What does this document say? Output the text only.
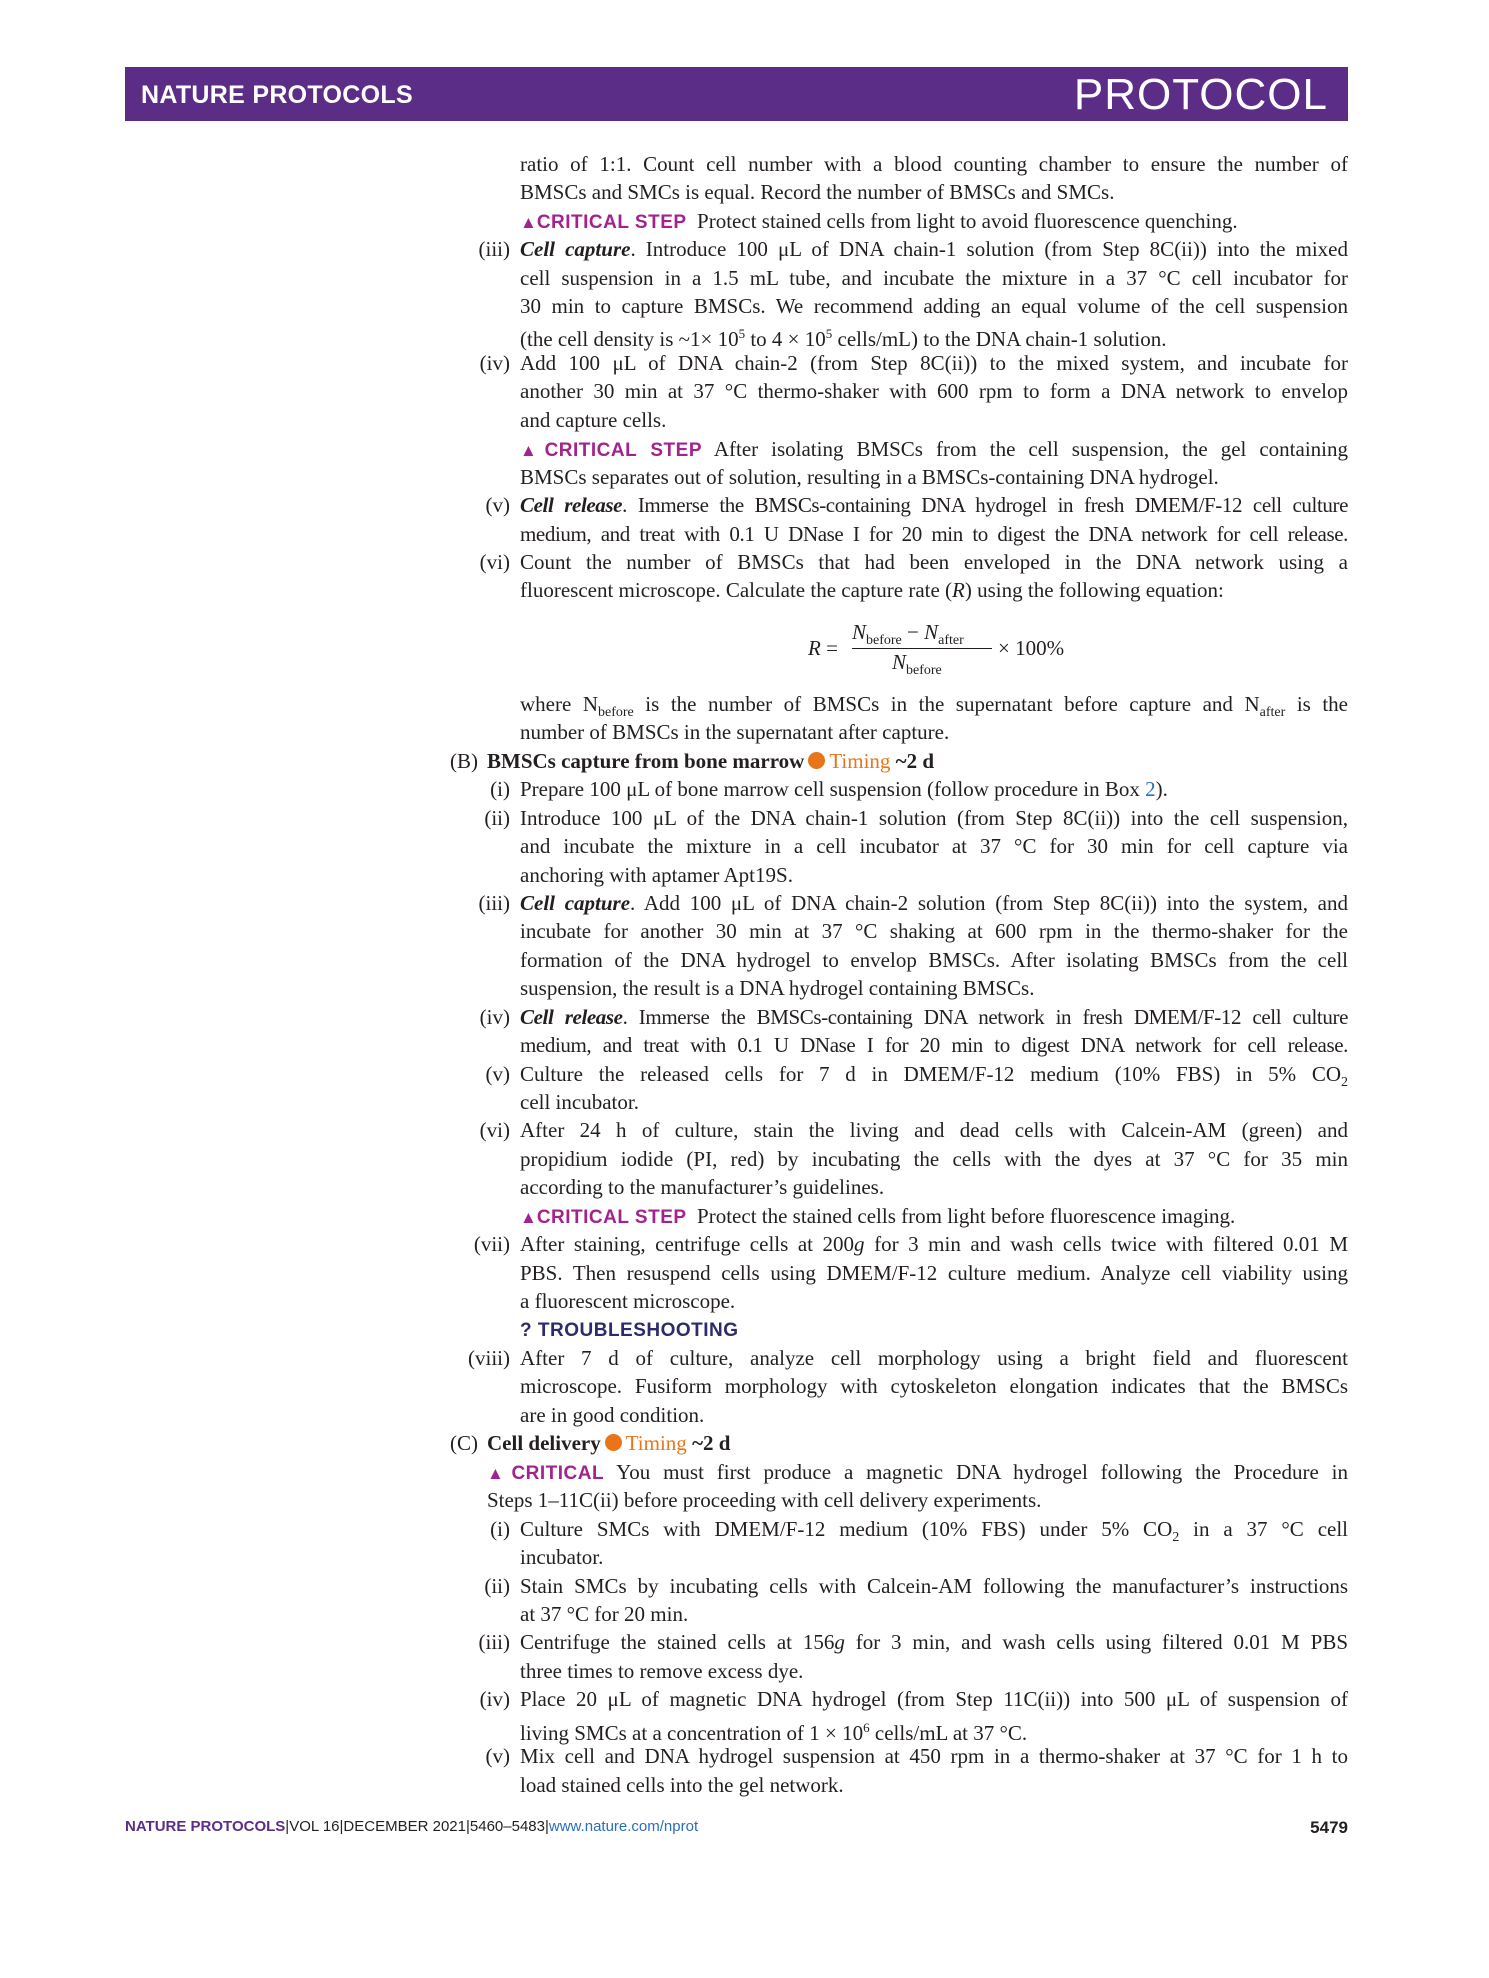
NATURE PROTOCOLS	PROTOCOL
ratio of 1:1. Count cell number with a blood counting chamber to ensure the number of
BMSCs and SMCs is equal. Record the number of BMSCs and SMCs.
▲CRITICAL STEP Protect stained cells from light to avoid fluorescence quenching.
(iii) Cell capture. Introduce 100 μL of DNA chain-1 solution (from Step 8C(ii)) into the mixed
cell suspension in a 1.5 mL tube, and incubate the mixture in a 37 °C cell incubator for
30 min to capture BMSCs. We recommend adding an equal volume of the cell suspension
(the cell density is ~1× $10^5$ to $4 \times 10^5$ cells/mL) to the DNA chain-1 solution.
(iv) Add 100 μL of DNA chain-2 (from Step 8C(ii)) to the mixed system, and incubate for
another 30 min at 37 °C thermo-shaker with 600 rpm to form a DNA network to envelop
and capture cells.
▲CRITICAL STEP After isolating BMSCs from the cell suspension, the gel containing
BMSCs separates out of solution, resulting in a BMSCs-containing DNA hydrogel.
(v) Cell release. Immerse the BMSCs-containing DNA hydrogel in fresh DMEM/F-12 cell culture
medium, and treat with 0.1 U DNase I for 20 min to digest the DNA network for cell release.
(vi) Count the number of BMSCs that had been enveloped in the DNA network using a
fluorescent microscope. Calculate the capture rate (R) using the following equation:
R =
$N_{before} - N_{after}$
$N_{before}$
× 100%
where $N_{before}$ is the number of BMSCs in the supernatant before capture and $N_{after}$ is the
number of BMSCs in the supernatant after capture.
(B) BMSCs capture from bone marrow Timing ~2 d
(i) Prepare 100 μL of bone marrow cell suspension (follow procedure in Box 2).
(ii) Introduce 100 μL of the DNA chain-1 solution (from Step 8C(ii)) into the cell suspension,
and incubate the mixture in a cell incubator at 37 °C for 30 min for cell capture via
anchoring with aptamer Apt19S.
(iii) Cell capture. Add 100 μL of DNA chain-2 solution (from Step 8C(ii)) into the system, and
incubate for another 30 min at 37 °C shaking at 600 rpm in the thermo-shaker for the
formation of the DNA hydrogel to envelop BMSCs. After isolating BMSCs from the cell
suspension, the result is a DNA hydrogel containing BMSCs.
(iv) Cell release. Immerse the BMSCs-containing DNA network in fresh DMEM/F-12 cell culture
medium, and treat with 0.1 U DNase I for 20 min to digest DNA network for cell release.
(v) Culture the released cells for 7 d in DMEM/F-12 medium (10% FBS) in 5% $CO_2$
cell incubator.
(vi) After 24 h of culture, stain the living and dead cells with Calcein-AM (green) and
propidium iodide (PI, red) by incubating the cells with the dyes at 37 °C for 35 min
according to the manufacturer’s guidelines.
▲CRITICAL STEP Protect the stained cells from light before fluorescence imaging.
(vii) After staining, centrifuge cells at 200g for 3 min and wash cells twice with filtered 0.01 M
PBS. Then resuspend cells using DMEM/F-12 culture medium. Analyze cell viability using
a fluorescent microscope.
? TROUBLESHOOTING
(viii) After 7 d of culture, analyze cell morphology using a bright field and fluorescent
microscope. Fusiform morphology with cytoskeleton elongation indicates that the BMSCs
are in good condition.
(C) Cell delivery Timing ~2 d
▲CRITICAL You must first produce a magnetic DNA hydrogel following the Procedure in
Steps 1–11C(ii) before proceeding with cell delivery experiments.
(i) Culture SMCs with DMEM/F-12 medium (10% FBS) under 5% $CO_2$ in a 37 °C cell
incubator.
(ii) Stain SMCs by incubating cells with Calcein-AM following the manufacturer’s instructions
at 37 °C for 20 min.
(iii) Centrifuge the stained cells at 156g for 3 min, and wash cells using filtered 0.01 M PBS
three times to remove excess dye.
(iv) Place 20 μL of magnetic DNA hydrogel (from Step 11C(ii)) into 500 μL of suspension of
living SMCs at a concentration of $1 \times 10^6$ cells/mL at 37 °C.
(v) Mix cell and DNA hydrogel suspension at 450 rpm in a thermo-shaker at 37 °C for 1 h to
load stained cells into the gel network.
NATURE PROTOCOLS|VOL 16|DECEMBER 2021|5460–5483|www.nature.com/nprot	5479
